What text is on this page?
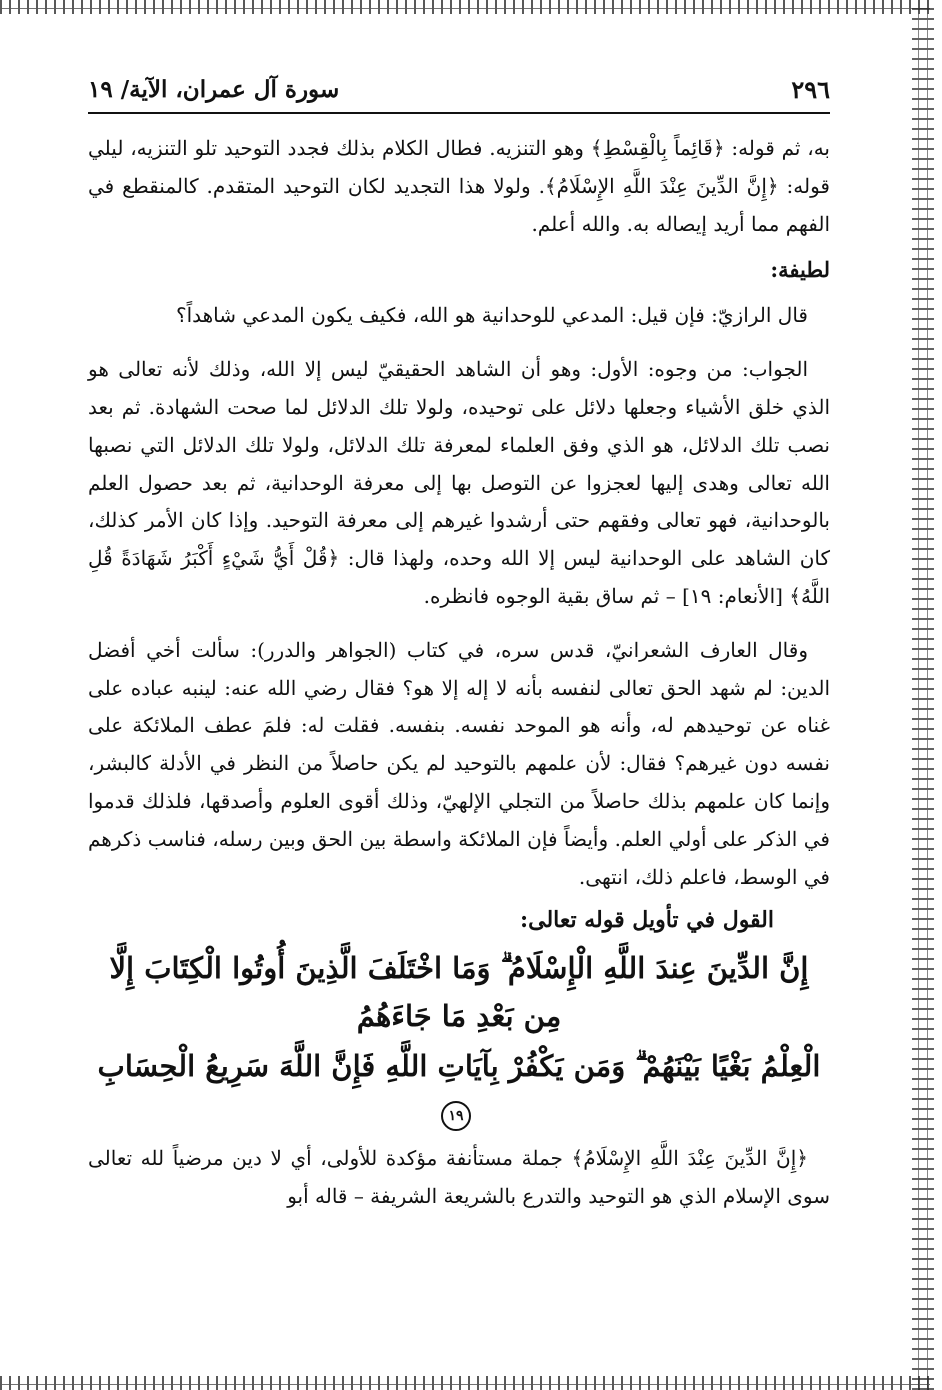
٢٩٦
سورة آل عمران، الآية/ ١٩

به، ثم قوله: ﴿قَائِماً بِالْقِسْطِ﴾ وهو التنزيه. فطال الكلام بذلك فجدد التوحيد تلو التنزيه، ليلي قوله: ﴿إِنَّ الدِّينَ عِنْدَ اللَّهِ الإِسْلَامُ﴾. ولولا هذا التجديد لكان التوحيد المتقدم. كالمنقطع في الفهم مما أريد إيصاله به. والله أعلم.

لطيفة:

قال الرازيّ: فإن قيل: المدعي للوحدانية هو الله، فكيف يكون المدعي شاهداً؟

الجواب: من وجوه: الأول: وهو أن الشاهد الحقيقيّ ليس إلا الله، وذلك لأنه تعالى هو الذي خلق الأشياء وجعلها دلائل على توحيده، ولولا تلك الدلائل لما صحت الشهادة. ثم بعد نصب تلك الدلائل، هو الذي وفق العلماء لمعرفة تلك الدلائل، ولولا تلك الدلائل التي نصبها الله تعالى وهدى إليها لعجزوا عن التوصل بها إلى معرفة الوحدانية، ثم بعد حصول العلم بالوحدانية، فهو تعالى وفقهم حتى أرشدوا غيرهم إلى معرفة التوحيد. وإذا كان الأمر كذلك، كان الشاهد على الوحدانية ليس إلا الله وحده، ولهذا قال: ﴿قُلْ أَيُّ شَيْءٍ أَكْبَرُ شَهَادَةً قُلِ اللَّهُ﴾ [الأنعام: ١٩] – ثم ساق بقية الوجوه فانظره.

وقال العارف الشعرانيّ، قدس سره، في كتاب (الجواهر والدرر): سألت أخي أفضل الدين: لم شهد الحق تعالى لنفسه بأنه لا إله إلا هو؟ فقال رضي الله عنه: لينبه عباده على غناه عن توحيدهم له، وأنه هو الموحد نفسه. بنفسه. فقلت له: فلمَ عطف الملائكة على نفسه دون غيرهم؟ فقال: لأن علمهم بالتوحيد لم يكن حاصلاً من النظر في الأدلة كالبشر، وإنما كان علمهم بذلك حاصلاً من التجلي الإلهيّ، وذلك أقوى العلوم وأصدقها، فلذلك قدموا في الذكر على أولي العلم. وأيضاً فإن الملائكة واسطة بين الحق وبين رسله، فناسب ذكرهم في الوسط، فاعلم ذلك، انتهى.

القول في تأويل قوله تعالى:
إِنَّ الدِّينَ عِندَ اللَّهِ الْإِسْلَامُ ۗ وَمَا اخْتَلَفَ الَّذِينَ أُوتُوا الْكِتَابَ إِلَّا مِن بَعْدِ مَا جَاءَهُمُ
الْعِلْمُ بَغْيًا بَيْنَهُمْ ۗ وَمَن يَكْفُرْ بِآيَاتِ اللَّهِ فَإِنَّ اللَّهَ سَرِيعُ الْحِسَابِ ١٩

﴿إِنَّ الدِّينَ عِنْدَ اللَّهِ الإِسْلَامُ﴾ جملة مستأنفة مؤكدة للأولى، أي لا دين مرضياً لله تعالى سوى الإسلام الذي هو التوحيد والتدرع بالشريعة الشريفة – قاله أبو
